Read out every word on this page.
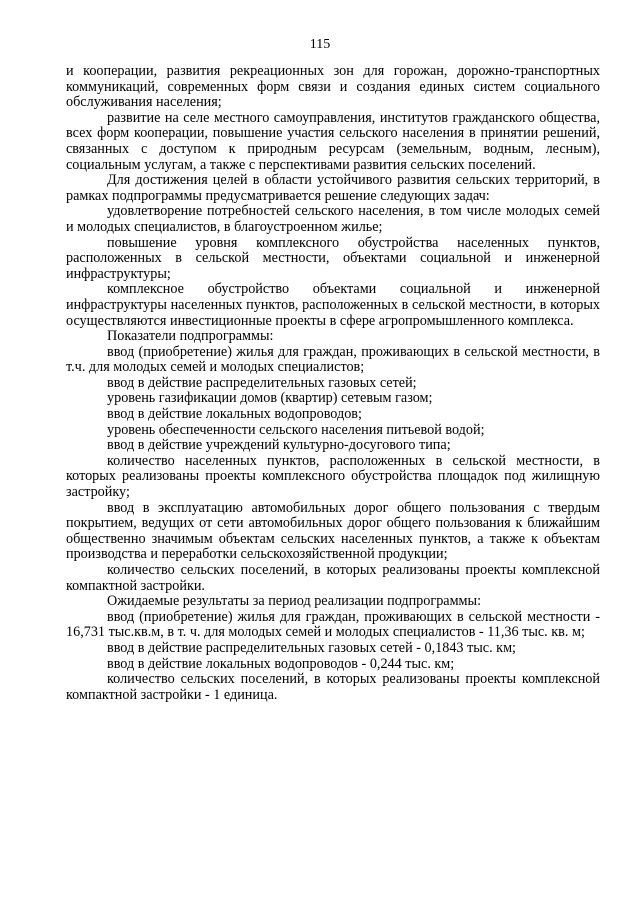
115

и кооперации, развития рекреационных зон для горожан, дорожно-транспортных коммуникаций, современных форм связи и создания единых систем социального обслуживания населения;

развитие на селе местного самоуправления, институтов гражданского общества, всех форм кооперации, повышение участия сельского населения в принятии решений, связанных с доступом к природным ресурсам (земельным, водным, лесным), социальным услугам, а также с перспективами развития сельских поселений.

Для достижения целей в области устойчивого развития сельских территорий, в рамках подпрограммы предусматривается решение следующих задач:

удовлетворение потребностей сельского населения, в том числе молодых семей и молодых специалистов, в благоустроенном жилье;

повышение уровня комплексного обустройства населенных пунктов, расположенных в сельской местности, объектами социальной и инженерной инфраструктуры;

комплексное обустройство объектами социальной и инженерной инфраструктуры населенных пунктов, расположенных в сельской местности, в которых осуществляются инвестиционные проекты в сфере агропромышленного комплекса.

Показатели подпрограммы:

ввод (приобретение) жилья для граждан, проживающих в сельской местности, в т.ч. для молодых семей и молодых специалистов;

ввод в действие распределительных газовых сетей;

уровень газификации домов (квартир) сетевым газом;

ввод в действие локальных водопроводов;

уровень обеспеченности сельского населения питьевой водой;

ввод в действие учреждений культурно-досугового типа;

количество населенных пунктов, расположенных в сельской местности, в которых реализованы проекты комплексного обустройства площадок под жилищную застройку;

ввод в эксплуатацию автомобильных дорог общего пользования с твердым покрытием, ведущих от сети автомобильных дорог общего пользования к ближайшим общественно значимым объектам сельских населенных пунктов, а также к объектам производства и переработки сельскохозяйственной продукции;

количество сельских поселений, в которых реализованы проекты комплексной компактной застройки.

Ожидаемые результаты за период реализации подпрограммы:

ввод (приобретение) жилья для граждан, проживающих в сельской местности - 16,731 тыс.кв.м, в т. ч. для молодых семей и молодых специалистов - 11,36 тыс. кв. м;

ввод в действие распределительных газовых сетей - 0,1843 тыс. км;

ввод в действие локальных водопроводов - 0,244 тыс. км;

количество сельских поселений, в которых реализованы проекты комплексной компактной застройки - 1 единица.
